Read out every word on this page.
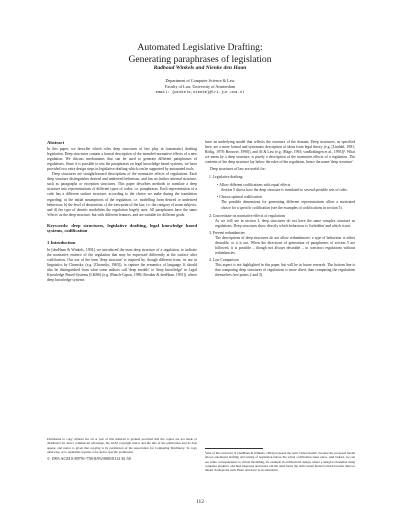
Automated Legislative Drafting:
Generating paraphrases of legislation
Radboud Winkels and Nienke den Haan
Department of Computer Science & Law
Faculty of Law, University of Amsterdam
email: {winkels,nienke}@lri.jur.uva.nl

Abstract

In this paper, we describe which roles deep structures of law play in (automatic) drafting legislation. Deep structures contain a formal description of the intended normative effects of a new regulation. We discuss mechanisms that can be used to generate different paraphrases of regulations. Since it is possible to test the paraphrases on legal knowledge based systems, we have provided two extra design steps in legislative drafting which can be supported by automated tools.

Deep structures are straightforward descriptions of the normative effects of regulations. Each deep structure distinguishes desired and undesired behaviour, and has no further internal structure, such as paragraphs or exception structures. This paper describes methods to translate a deep structure into representations of different types of codes, i.e. paraphrases. Each representation of a code has a different surface structure, according to the choice we make during the translation regarding: a) the initial assumptions of the regulation, i.e. modelling from desired or undesired behaviour; b) the level of abstraction, c) the viewpoint of the law, i.e. the category of norm subjects, and d) the type of deontic modalities the regulation largely uses. All paraphrases have the same 'effects' as the deep structure, but with different features, and are suitable for different goals.

Keywords: deep structures, legislative drafting, legal knowledge based systems, codification

1 Introduction

In [denHaan & Winkels, 1994], we introduced the term deep structure of a regulation, to indicate the normative essence of the regulation that may be expressed differently at the surface after codification. Our use of the term 'deep structure' is inspired by, though different from, its use in linguistics by Chomsky, (e.g. [Chomsky, 1965]), to capture the semantics of language. It should also be distinguished from what some authors call 'deep models' or 'deep knowledge' in Legal Knowledge Based Systems (LKBS) (e.g. [Bench-Capon, 1989; Breuker & denHaan, 1991]), where deep knowledge systems

Permission to copy without fee all or part of this material is granted provided that the copies are not made or distributed for direct commercial advantage, the ACM copyright notice and the title of the publication and its date appear, and notice is given that copying is by permission of the Association for Computing Machinery. To copy otherwise, or to republish, requires a fee and/or specific permission.

© 1995 ACM 0-89791-758-8/95/0005/0112 $1.50

have an underlying model that reflects the structure of the domain. Deep structures, as specified here, are a more formal and systematic description of ideas from legal theory (e.g. [Lindahl, 1981; Rödig, 1978; Brouwer, 1990]), and AI & Law (e.g. [Hage, 1993; vanKralingen et al., 1993])¹. What we mean by a deep structure, is purely a description of the normative effects of a regulation. The contents of the deep structure lay below the rules of the regulation, hence the name 'deep structure'.

Deep structures of law are useful for:

1. Legislative drafting:
• Allow different codifications with equal effects
Section 5 shows how the deep structure is translated to several possible sets of rules.
• Choose optimal codification
The possible dimensions for generating different representations allow a motivated choice for a specific codification (see the examples of codifications in section 5).
2. Concretizate on normative effects of regulations
As we will see in section 3, deep structures do not have the same complex structure as regulations. Deep structures show directly which behaviour is 'forbidden' and which is not.
3. Prevent redundancies
The descriptions of deep structures do not allow redundancies: a type of behaviour is either desirable, or it is not. When the directions of generation of paraphrases of section 5 are followed, it is possible – though not always desirable – to construct regulations without redundancies.
4. Law Comparison
This aspect is not highlighted in this paper, but will be in future research. The bottom line is that comparing deep structures of regulations is more direct than comparing the regulations themselves (see points 2 and 3).

¹One of the reviewers of [denHaan & Winkels, 1994] proposed the term 'virtual model', because the proposed model allows automated drafting and testing of legislation before the actual codification takes place. And indeed, we can see some correspondence to virtual modelling, for example in architectural design, where a design is modelled using computer graphics, and then inspected and tested. On the other hand, the term virtual model is much broader than we intend. Perhaps the term 'Basic structure' is an alternative.

112
